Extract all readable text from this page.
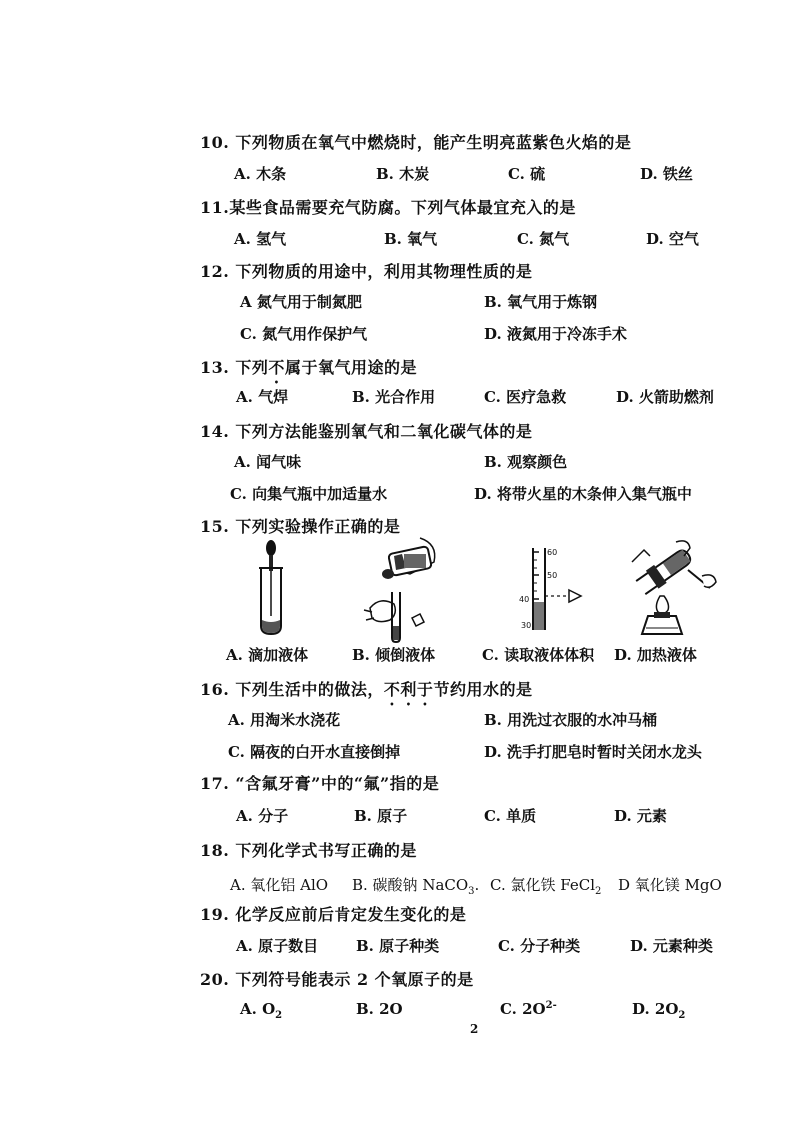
10. 下列物质在氧气中燃烧时，能产生明亮蓝紫色火焰的是
A. 木条	B. 木炭	C. 硫	D. 铁丝
11.某些食品需要充气防腐。下列气体最宜充入的是
A. 氢气	B. 氧气	C. 氮气	D. 空气
12. 下列物质的用途中，利用其物理性质的是
A 氮气用于制氮肥	B. 氧气用于炼钢
C. 氮气用作保护气	D. 液氮用于冷冻手术
13. 下列不属于氧气用途的是
A. 气焊	B. 光合作用	C. 医疗急救	D. 火箭助燃剂
14. 下列方法能鉴别氧气和二氧化碳气体的是
A. 闻气味	B. 观察颜色
C. 向集气瓶中加适量水	D. 将带火星的木条伸入集气瓶中
15. 下列实验操作正确的是
60
50
40
30
A. 滴加液体	B. 倾倒液体	C. 读取液体体积 D. 加热液体
16. 下列生活中的做法，不利于节约用水的是
A. 用淘米水浇花	B. 用洗过衣服的水冲马桶
C. 隔夜的白开水直接倒掉	D. 洗手打肥皂时暂时关闭水龙头
17. “含氟牙膏”中的“氟”指的是
A. 分子	B. 原子	C. 单质	D. 元素
18. 下列化学式书写正确的是
A. 氧化铝 AlO B. 碳酸钠 NaCO$_3$. C. 氯化铁 FeCl$_2$ D 氧化镁 MgO
19. 化学反应前后肯定发生变化的是
A. 原子数目	B. 原子种类	C. 分子种类	D. 元素种类
20. 下列符号能表示 2 个氧原子的是
A. $O_2$	B. 2O	C. $2O^{2-}$	D. $2O_2$
2
